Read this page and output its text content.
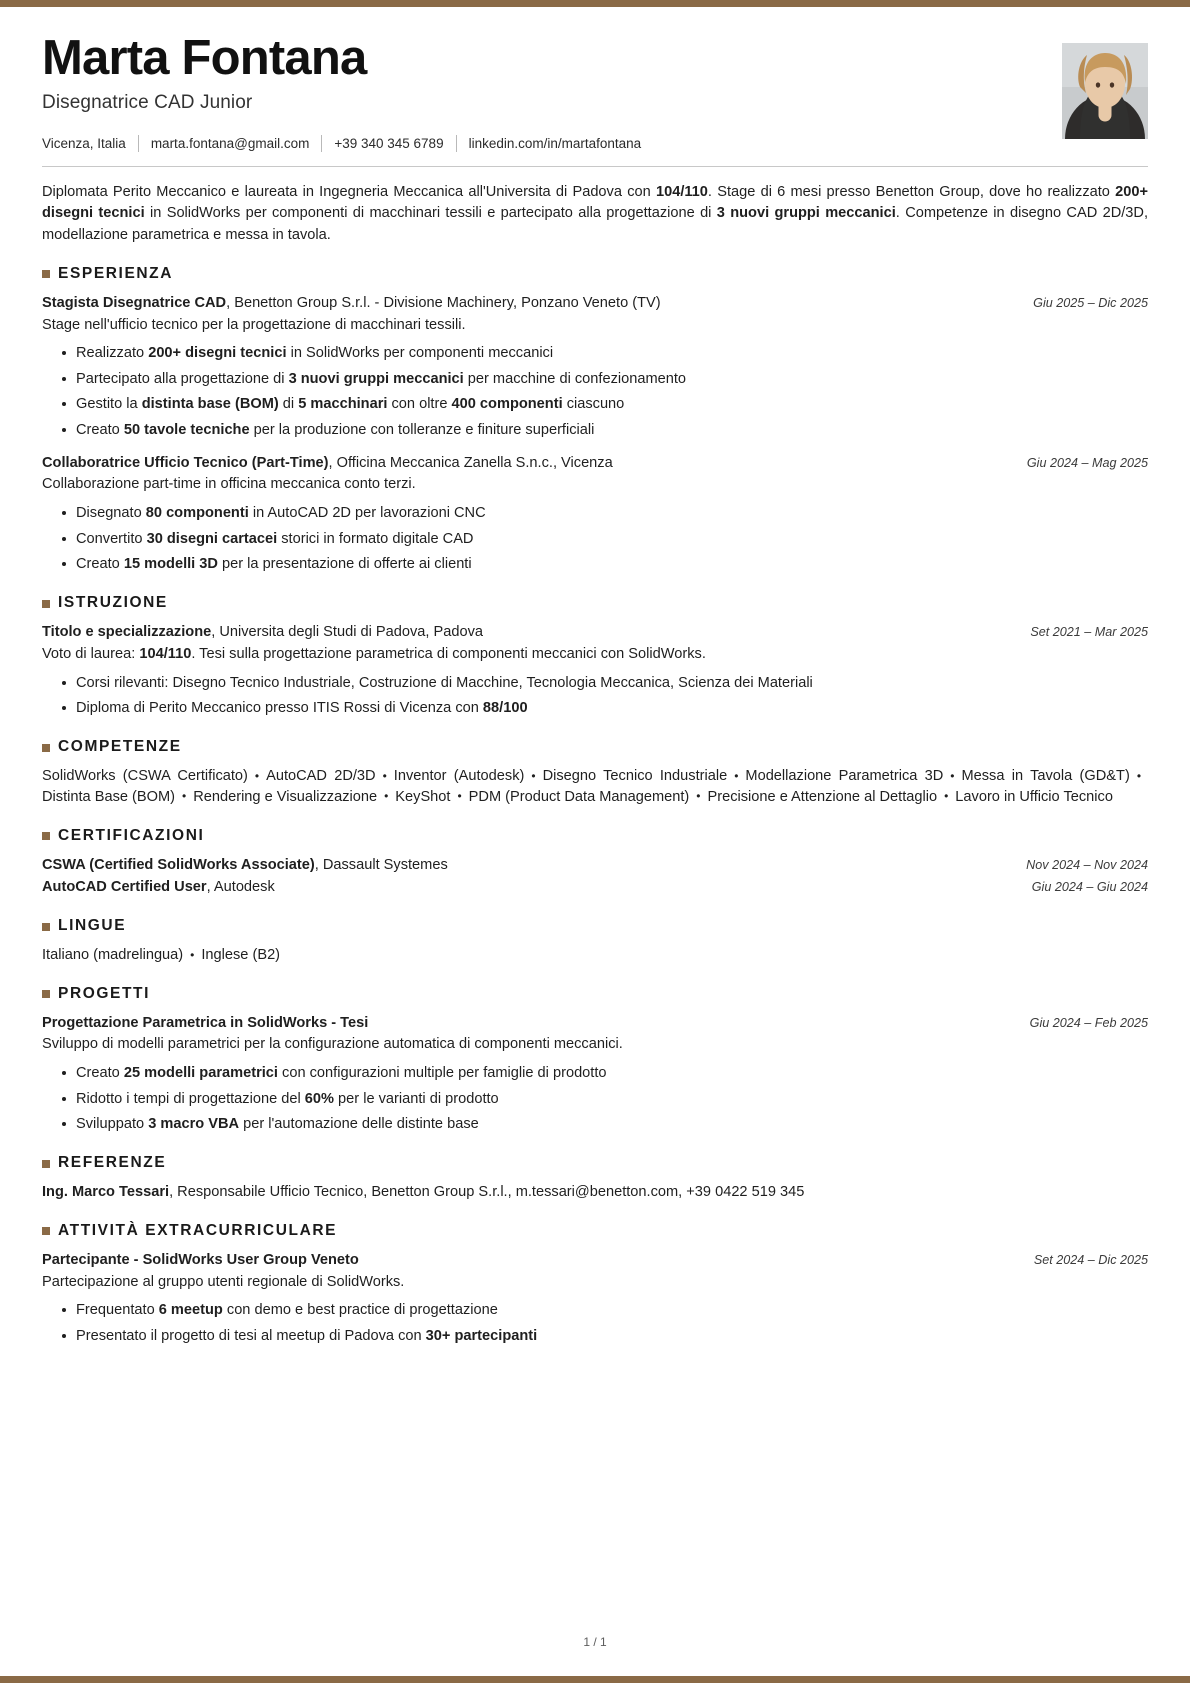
Marta Fontana
Disegnatrice CAD Junior
Vicenza, Italia marta.fontana@gmail.com +39 340 345 6789 linkedin.com/in/martafontana
Diplomata Perito Meccanico e laureata in Ingegneria Meccanica all'Universita di Padova con 104/110. Stage di 6 mesi presso Benetton Group, dove ho realizzato 200+ disegni tecnici in SolidWorks per componenti di macchinari tessili e partecipato alla progettazione di 3 nuovi gruppi meccanici. Competenze in disegno CAD 2D/3D, modellazione parametrica e messa in tavola.
ESPERIENZA
Stagista Disegnatrice CAD, Benetton Group S.r.l. - Divisione Machinery, Ponzano Veneto (TV)	Giu 2025 – Dic 2025
Stage nell'ufficio tecnico per la progettazione di macchinari tessili.
Realizzato 200+ disegni tecnici in SolidWorks per componenti meccanici
Partecipato alla progettazione di 3 nuovi gruppi meccanici per macchine di confezionamento
Gestito la distinta base (BOM) di 5 macchinari con oltre 400 componenti ciascuno
Creato 50 tavole tecniche per la produzione con tolleranze e finiture superficiali
Collaboratrice Ufficio Tecnico (Part-Time), Officina Meccanica Zanella S.n.c., Vicenza	Giu 2024 – Mag 2025
Collaborazione part-time in officina meccanica conto terzi.
Disegnato 80 componenti in AutoCAD 2D per lavorazioni CNC
Convertito 30 disegni cartacei storici in formato digitale CAD
Creato 15 modelli 3D per la presentazione di offerte ai clienti
ISTRUZIONE
Titolo e specializzazione, Universita degli Studi di Padova, Padova	Set 2021 – Mar 2025
Voto di laurea: 104/110. Tesi sulla progettazione parametrica di componenti meccanici con SolidWorks.
Corsi rilevanti: Disegno Tecnico Industriale, Costruzione di Macchine, Tecnologia Meccanica, Scienza dei Materiali
Diploma di Perito Meccanico presso ITIS Rossi di Vicenza con 88/100
COMPETENZE
SolidWorks (CSWA Certificato) • AutoCAD 2D/3D • Inventor (Autodesk) • Disegno Tecnico Industriale • Modellazione Parametrica 3D • Messa in Tavola (GD&T) •Distinta Base (BOM) • Rendering e Visualizzazione • KeyShot • PDM (Product Data Management) • Precisione e Attenzione al Dettaglio • Lavoro in Ufficio Tecnico
CERTIFICAZIONI
CSWA (Certified SolidWorks Associate), Dassault Systemes	Nov 2024 – Nov 2024
AutoCAD Certified User, Autodesk	Giu 2024 – Giu 2024
LINGUE
Italiano (madrelingua) • Inglese (B2)
PROGETTI
Progettazione Parametrica in SolidWorks - Tesi	Giu 2024 – Feb 2025
Sviluppo di modelli parametrici per la configurazione automatica di componenti meccanici.
Creato 25 modelli parametrici con configurazioni multiple per famiglie di prodotto
Ridotto i tempi di progettazione del 60% per le varianti di prodotto
Sviluppato 3 macro VBA per l'automazione delle distinte base
REFERENZE
Ing. Marco Tessari, Responsabile Ufficio Tecnico, Benetton Group S.r.l., m.tessari@benetton.com, +39 0422 519 345
ATTIVITÀ EXTRACURRICULARE
Partecipante - SolidWorks User Group Veneto	Set 2024 – Dic 2025
Partecipazione al gruppo utenti regionale di SolidWorks.
Frequentato 6 meetup con demo e best practice di progettazione
Presentato il progetto di tesi al meetup di Padova con 30+ partecipanti
1 / 1
